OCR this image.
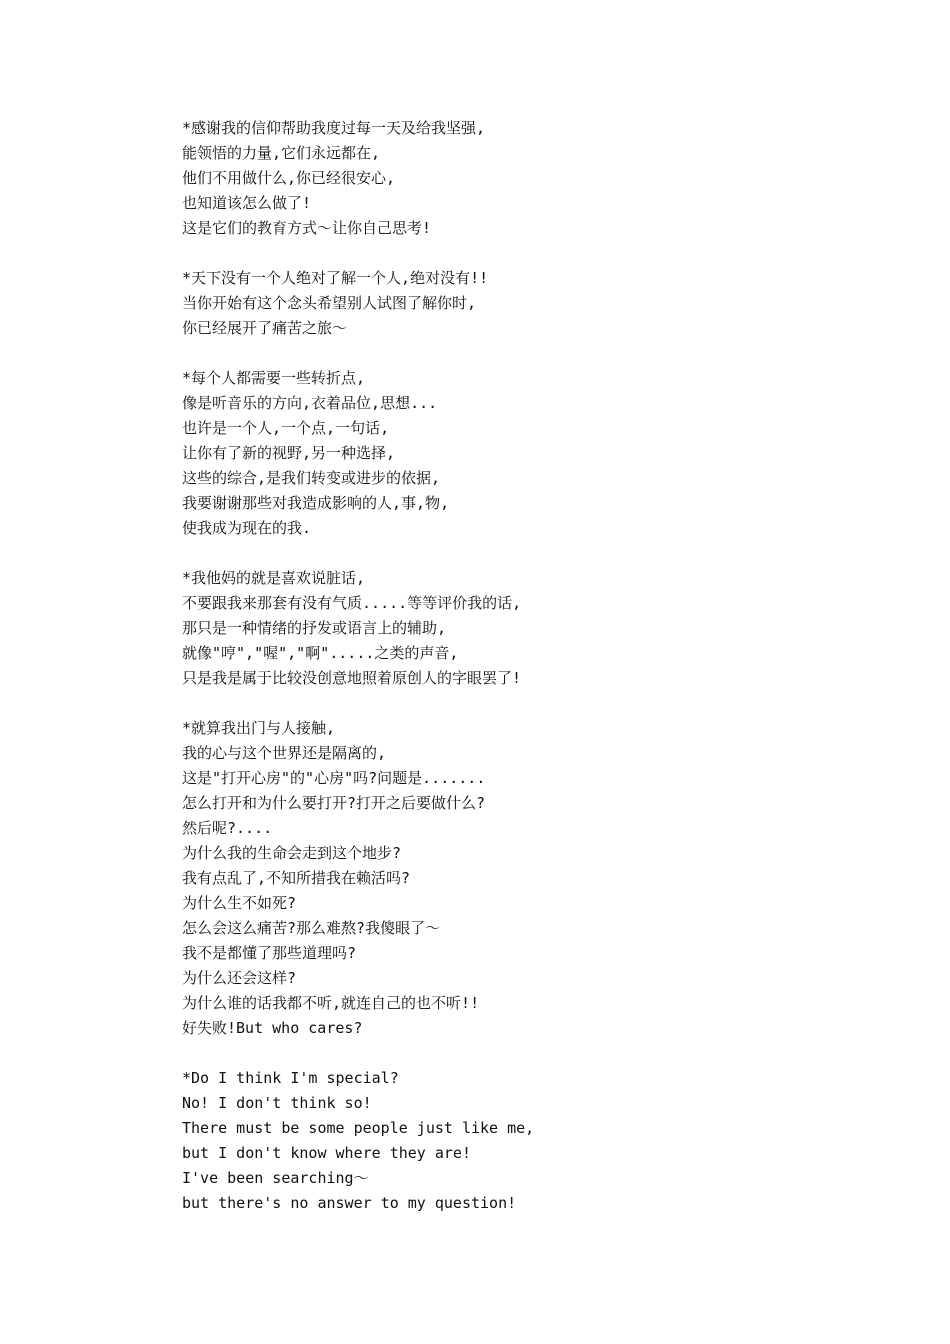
*感谢我的信仰帮助我度过每一天及给我坚强,
能领悟的力量,它们永远都在,
他们不用做什么,你已经很安心,
也知道该怎么做了!
这是它们的教育方式～让你自己思考!
*天下没有一个人绝对了解一个人,绝对没有!!
当你开始有这个念头希望别人试图了解你时,
你已经展开了痛苦之旅～
*每个人都需要一些转折点,
像是听音乐的方向,衣着品位,思想...
也许是一个人,一个点,一句话,
让你有了新的视野,另一种选择,
这些的综合,是我们转变或进步的依据,
我要谢谢那些对我造成影响的人,事,物,
使我成为现在的我.
*我他妈的就是喜欢说脏话,
不要跟我来那套有没有气质.....等等评价我的话,
那只是一种情绪的抒发或语言上的辅助,
就像"哼","喔","啊".....之类的声音,
只是我是属于比较没创意地照着原创人的字眼罢了!
*就算我出门与人接触,
我的心与这个世界还是隔离的,
这是"打开心房"的"心房"吗?问题是.......
怎么打开和为什么要打开?打开之后要做什么?
然后呢?....
为什么我的生命会走到这个地步?
我有点乱了,不知所措我在赖活吗?
为什么生不如死?
怎么会这么痛苦?那么难熬?我傻眼了～
我不是都懂了那些道理吗?
为什么还会这样?
为什么谁的话我都不听,就连自己的也不听!!
好失败!But who cares?
*Do I think I'm special?
No! I don't think so!
There must be some people just like me,
but I don't know where they are!
I've been searching～
but there's no answer to my question!
